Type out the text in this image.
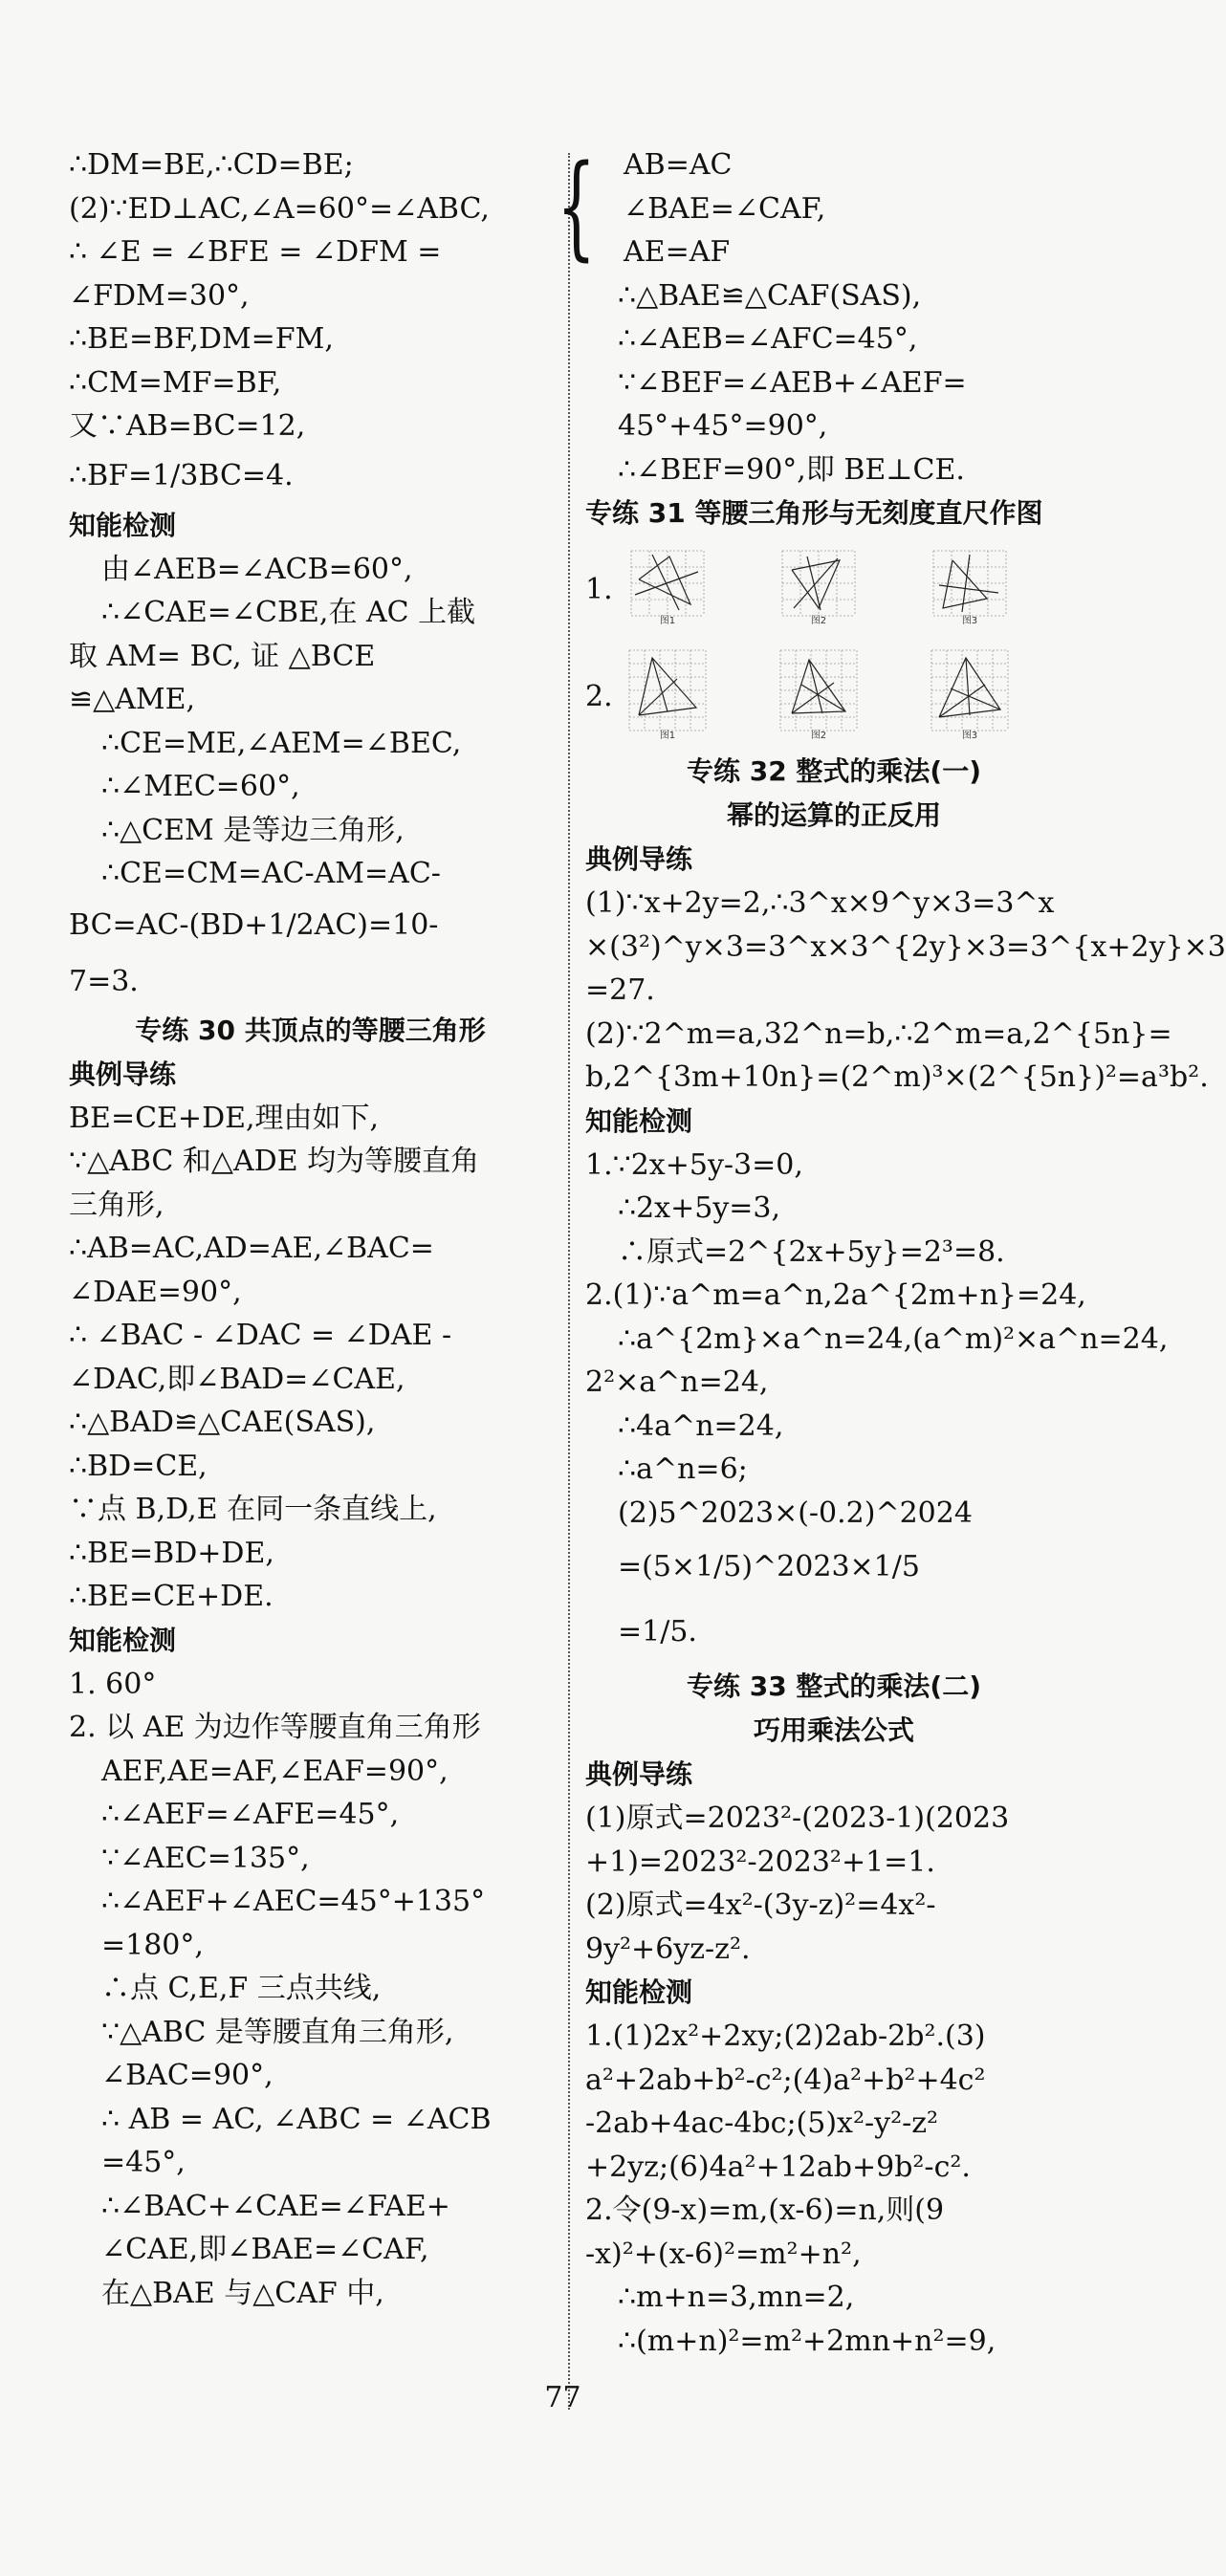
∴DM=BE,∴CD=BE;
(2)∵ED⊥AC,∠A=60°=∠ABC,
∴ ∠E = ∠BFE = ∠DFM =
∠FDM=30°,
∴BE=BF,DM=FM,
∴CM=MF=BF,
又∵AB=BC=12,
∴BF=1/3BC=4.
知能检测
由∠AEB=∠ACB=60°,
∴∠CAE=∠CBE,在 AC 上截
取 AM= BC, 证 △BCE
≌△AME,
∴CE=ME,∠AEM=∠BEC,
∴∠MEC=60°,
∴△CEM 是等边三角形,
∴CE=CM=AC-AM=AC-
BC=AC-(BD+1/2AC)=10-
7=3.
专练 30 共顶点的等腰三角形
典例导练
BE=CE+DE,理由如下,
∵△ABC 和△ADE 均为等腰直角
三角形,
∴AB=AC,AD=AE,∠BAC=
∠DAE=90°,
∴ ∠BAC - ∠DAC = ∠DAE -
∠DAC,即∠BAD=∠CAE,
∴△BAD≌△CAE(SAS),
∴BD=CE,
∵点 B,D,E 在同一条直线上,
∴BE=BD+DE,
∴BE=CE+DE.
知能检测
1. 60°
2. 以 AE 为边作等腰直角三角形
AEF,AE=AF,∠EAF=90°,
∴∠AEF=∠AFE=45°,
∵∠AEC=135°,
∴∠AEF+∠AEC=45°+135°
=180°,
∴点 C,E,F 三点共线,
∵△ABC 是等腰直角三角形,
∠BAC=90°,
∴ AB = AC, ∠ABC = ∠ACB
=45°,
∴∠BAC+∠CAE=∠FAE+
∠CAE,即∠BAE=∠CAF,
在△BAE 与△CAF 中,
{ AB=AC
∠BAE=∠CAF,
AE=AF
∴△BAE≌△CAF(SAS),
∴∠AEB=∠AFC=45°,
∵∠BEF=∠AEB+∠AEF=
45°+45°=90°,
∴∠BEF=90°,即 BE⊥CE.
专练 31 等腰三角形与无刻度直尺作图
1.
图1	图2	图3
2.
图1	图2	图3
专练 32 整式的乘法(一)
幂的运算的正反用
典例导练
(1)∵x+2y=2,∴3^x×9^y×3=3^x
×(3²)^y×3=3^x×3^{2y}×3=3^{x+2y}×3
=27.
(2)∵2^m=a,32^n=b,∴2^m=a,2^{5n}=
b,2^{3m+10n}=(2^m)³×(2^{5n})²=a³b².
知能检测
1.∵2x+5y-3=0,
∴2x+5y=3,
∴原式=2^{2x+5y}=2³=8.
2.(1)∵a^m=a^n,2a^{2m+n}=24,
∴a^{2m}×a^n=24,(a^m)²×a^n=24,
2²×a^n=24,
∴4a^n=24,
∴a^n=6;
(2)5^2023×(-0.2)^2024
=(5×1/5)^2023×1/5
=1/5.
专练 33 整式的乘法(二)
巧用乘法公式
典例导练
(1)原式=2023²-(2023-1)(2023
+1)=2023²-2023²+1=1.
(2)原式=4x²-(3y-z)²=4x²-
9y²+6yz-z².
知能检测
1.(1)2x²+2xy;(2)2ab-2b².(3)
a²+2ab+b²-c²;(4)a²+b²+4c²
-2ab+4ac-4bc;(5)x²-y²-z²
+2yz;(6)4a²+12ab+9b²-c².
2.令(9-x)=m,(x-6)=n,则(9
-x)²+(x-6)²=m²+n²,
∴m+n=3,mn=2,
∴(m+n)²=m²+2mn+n²=9,
77
